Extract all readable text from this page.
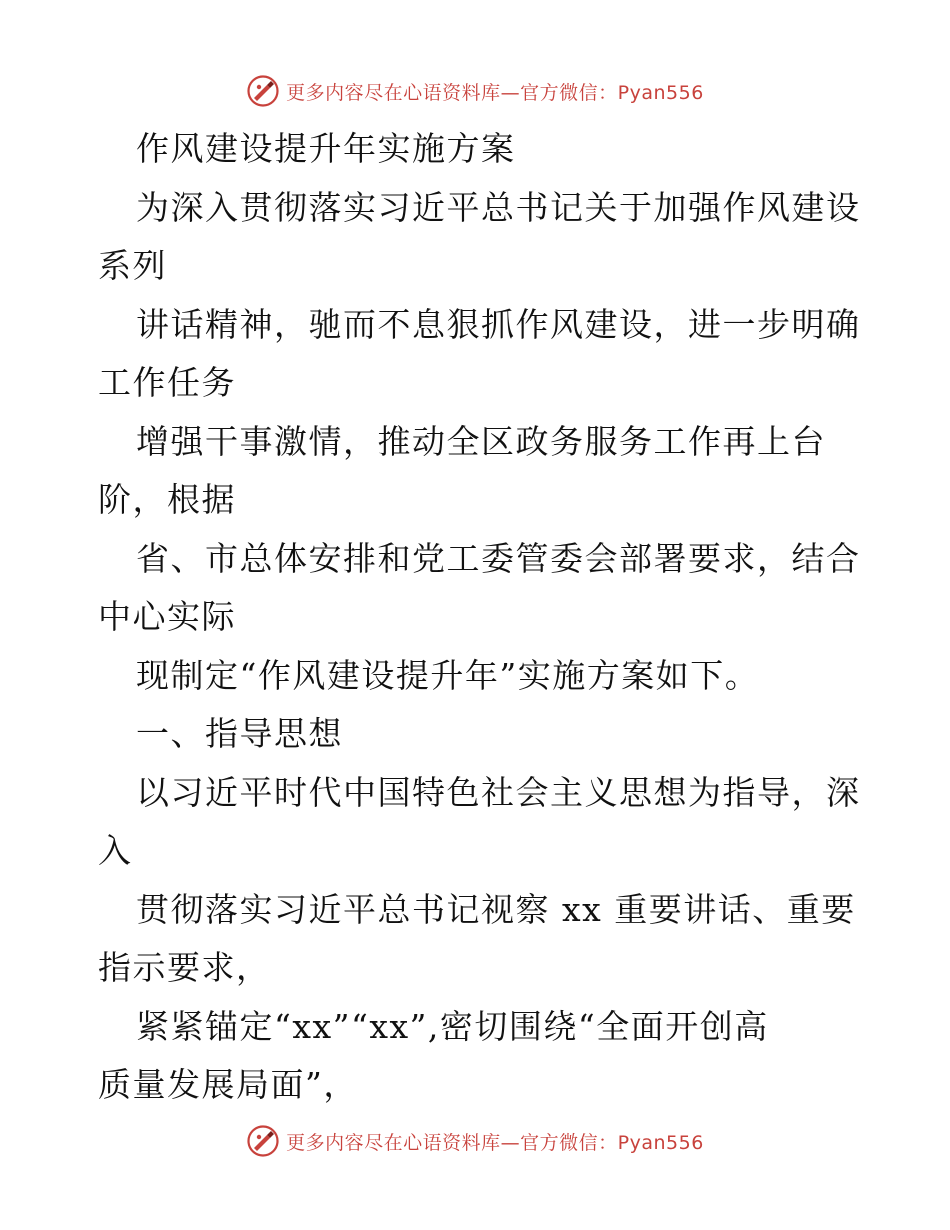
更多内容尽在心语资料库—官方微信：Pyan556
作风建设提升年实施方案
为深入贯彻落实习近平总书记关于加强作风建设
系列
讲话精神，驰而不息狠抓作风建设，进一步明确
工作任务
增强干事激情，推动全区政务服务工作再上台
阶，根据
省、市总体安排和党工委管委会部署要求，结合
中心实际
现制定“作风建设提升年”实施方案如下。
一、指导思想
以习近平时代中国特色社会主义思想为指导，深
入
贯彻落实习近平总书记视察 xx 重要讲话、重要
指示要求，
紧紧锚定“xx”“xx”,密切围绕“全面开创高
质量发展局面”，
更多内容尽在心语资料库—官方微信：Pyan556
